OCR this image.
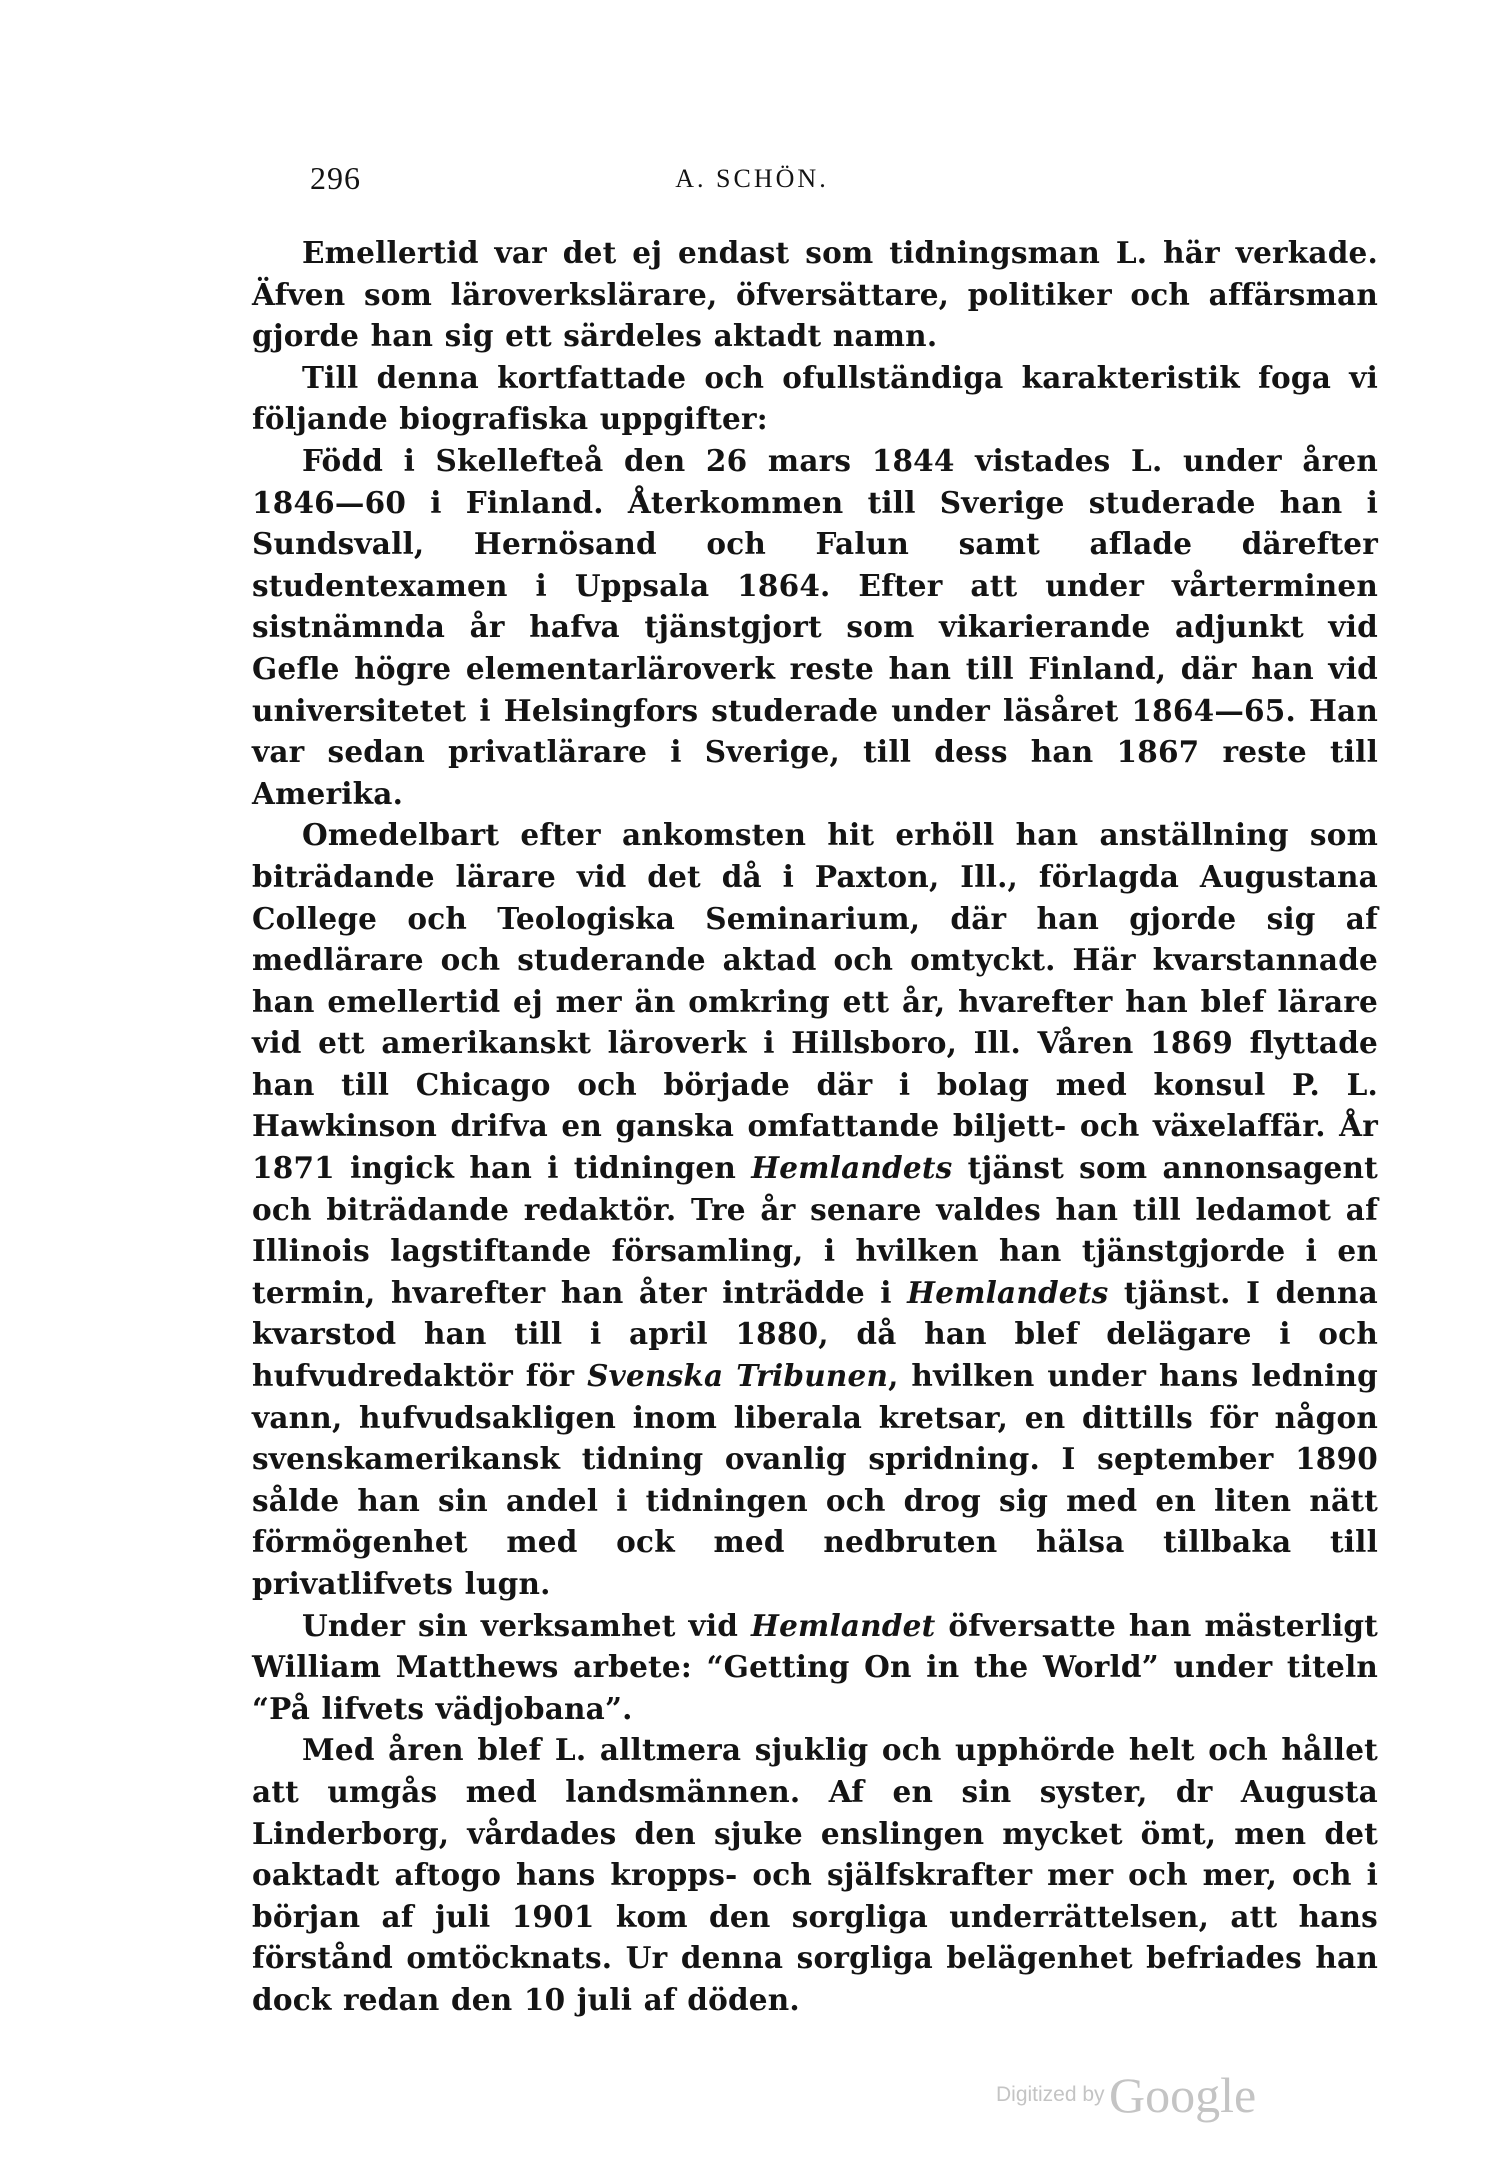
296	A. SCHÖN.

Emellertid var det ej endast som tidningsman L. här verkade. Äfven som läroverkslärare, öfversättare, politiker och affärsman gjorde han sig ett särdeles aktadt namn.

Till denna kortfattade och ofullständiga karakteristik foga vi följande biografiska uppgifter:

Född i Skellefteå den 26 mars 1844 vistades L. under åren 1846—60 i Finland. Återkommen till Sverige studerade han i Sundsvall, Hernösand och Falun samt aflade därefter studentexamen i Uppsala 1864. Efter att under vårterminen sistnämnda år hafva tjänstgjort som vikarierande adjunkt vid Gefle högre elementarläroverk reste han till Finland, där han vid universitetet i Helsingfors studerade under läsåret 1864—65. Han var sedan privatlärare i Sverige, till dess han 1867 reste till Amerika.

Omedelbart efter ankomsten hit erhöll han anställning som biträdande lärare vid det då i Paxton, Ill., förlagda Augustana College och Teologiska Seminarium, där han gjorde sig af medlärare och studerande aktad och omtyckt. Här kvarstannade han emellertid ej mer än omkring ett år, hvarefter han blef lärare vid ett amerikanskt läroverk i Hillsboro, Ill. Våren 1869 flyttade han till Chicago och började där i bolag med konsul P. L. Hawkinson drifva en ganska omfattande biljett- och växelaffär. År 1871 ingick han i tidningen Hemlandets tjänst som annonsagent och biträdande redaktör. Tre år senare valdes han till ledamot af Illinois lagstiftande församling, i hvilken han tjänstgjorde i en termin, hvarefter han åter inträdde i Hemlandets tjänst. I denna kvarstod han till i april 1880, då han blef delägare i och hufvudredaktör för Svenska Tribunen, hvilken under hans ledning vann, hufvudsakligen inom liberala kretsar, en dittills för någon svenskamerikansk tidning ovanlig spridning. I september 1890 sålde han sin andel i tidningen och drog sig med en liten nätt förmögenhet med ock med nedbruten hälsa tillbaka till privatlifvets lugn.

Under sin verksamhet vid Hemlandet öfversatte han mästerligt William Matthews arbete: “Getting On in the World” under titeln “På lifvets vädjobana”.

Med åren blef L. alltmera sjuklig och upphörde helt och hållet att umgås med landsmännen. Af en sin syster, dr Augusta Linderborg, vårdades den sjuke enslingen mycket ömt, men det oaktadt aftogo hans kropps- och själfskrafter mer och mer, och i början af juli 1901 kom den sorgliga underrättelsen, att hans förstånd omtöcknats. Ur denna sorgliga belägenhet befriades han dock redan den 10 juli af döden.

Digitized by Google
